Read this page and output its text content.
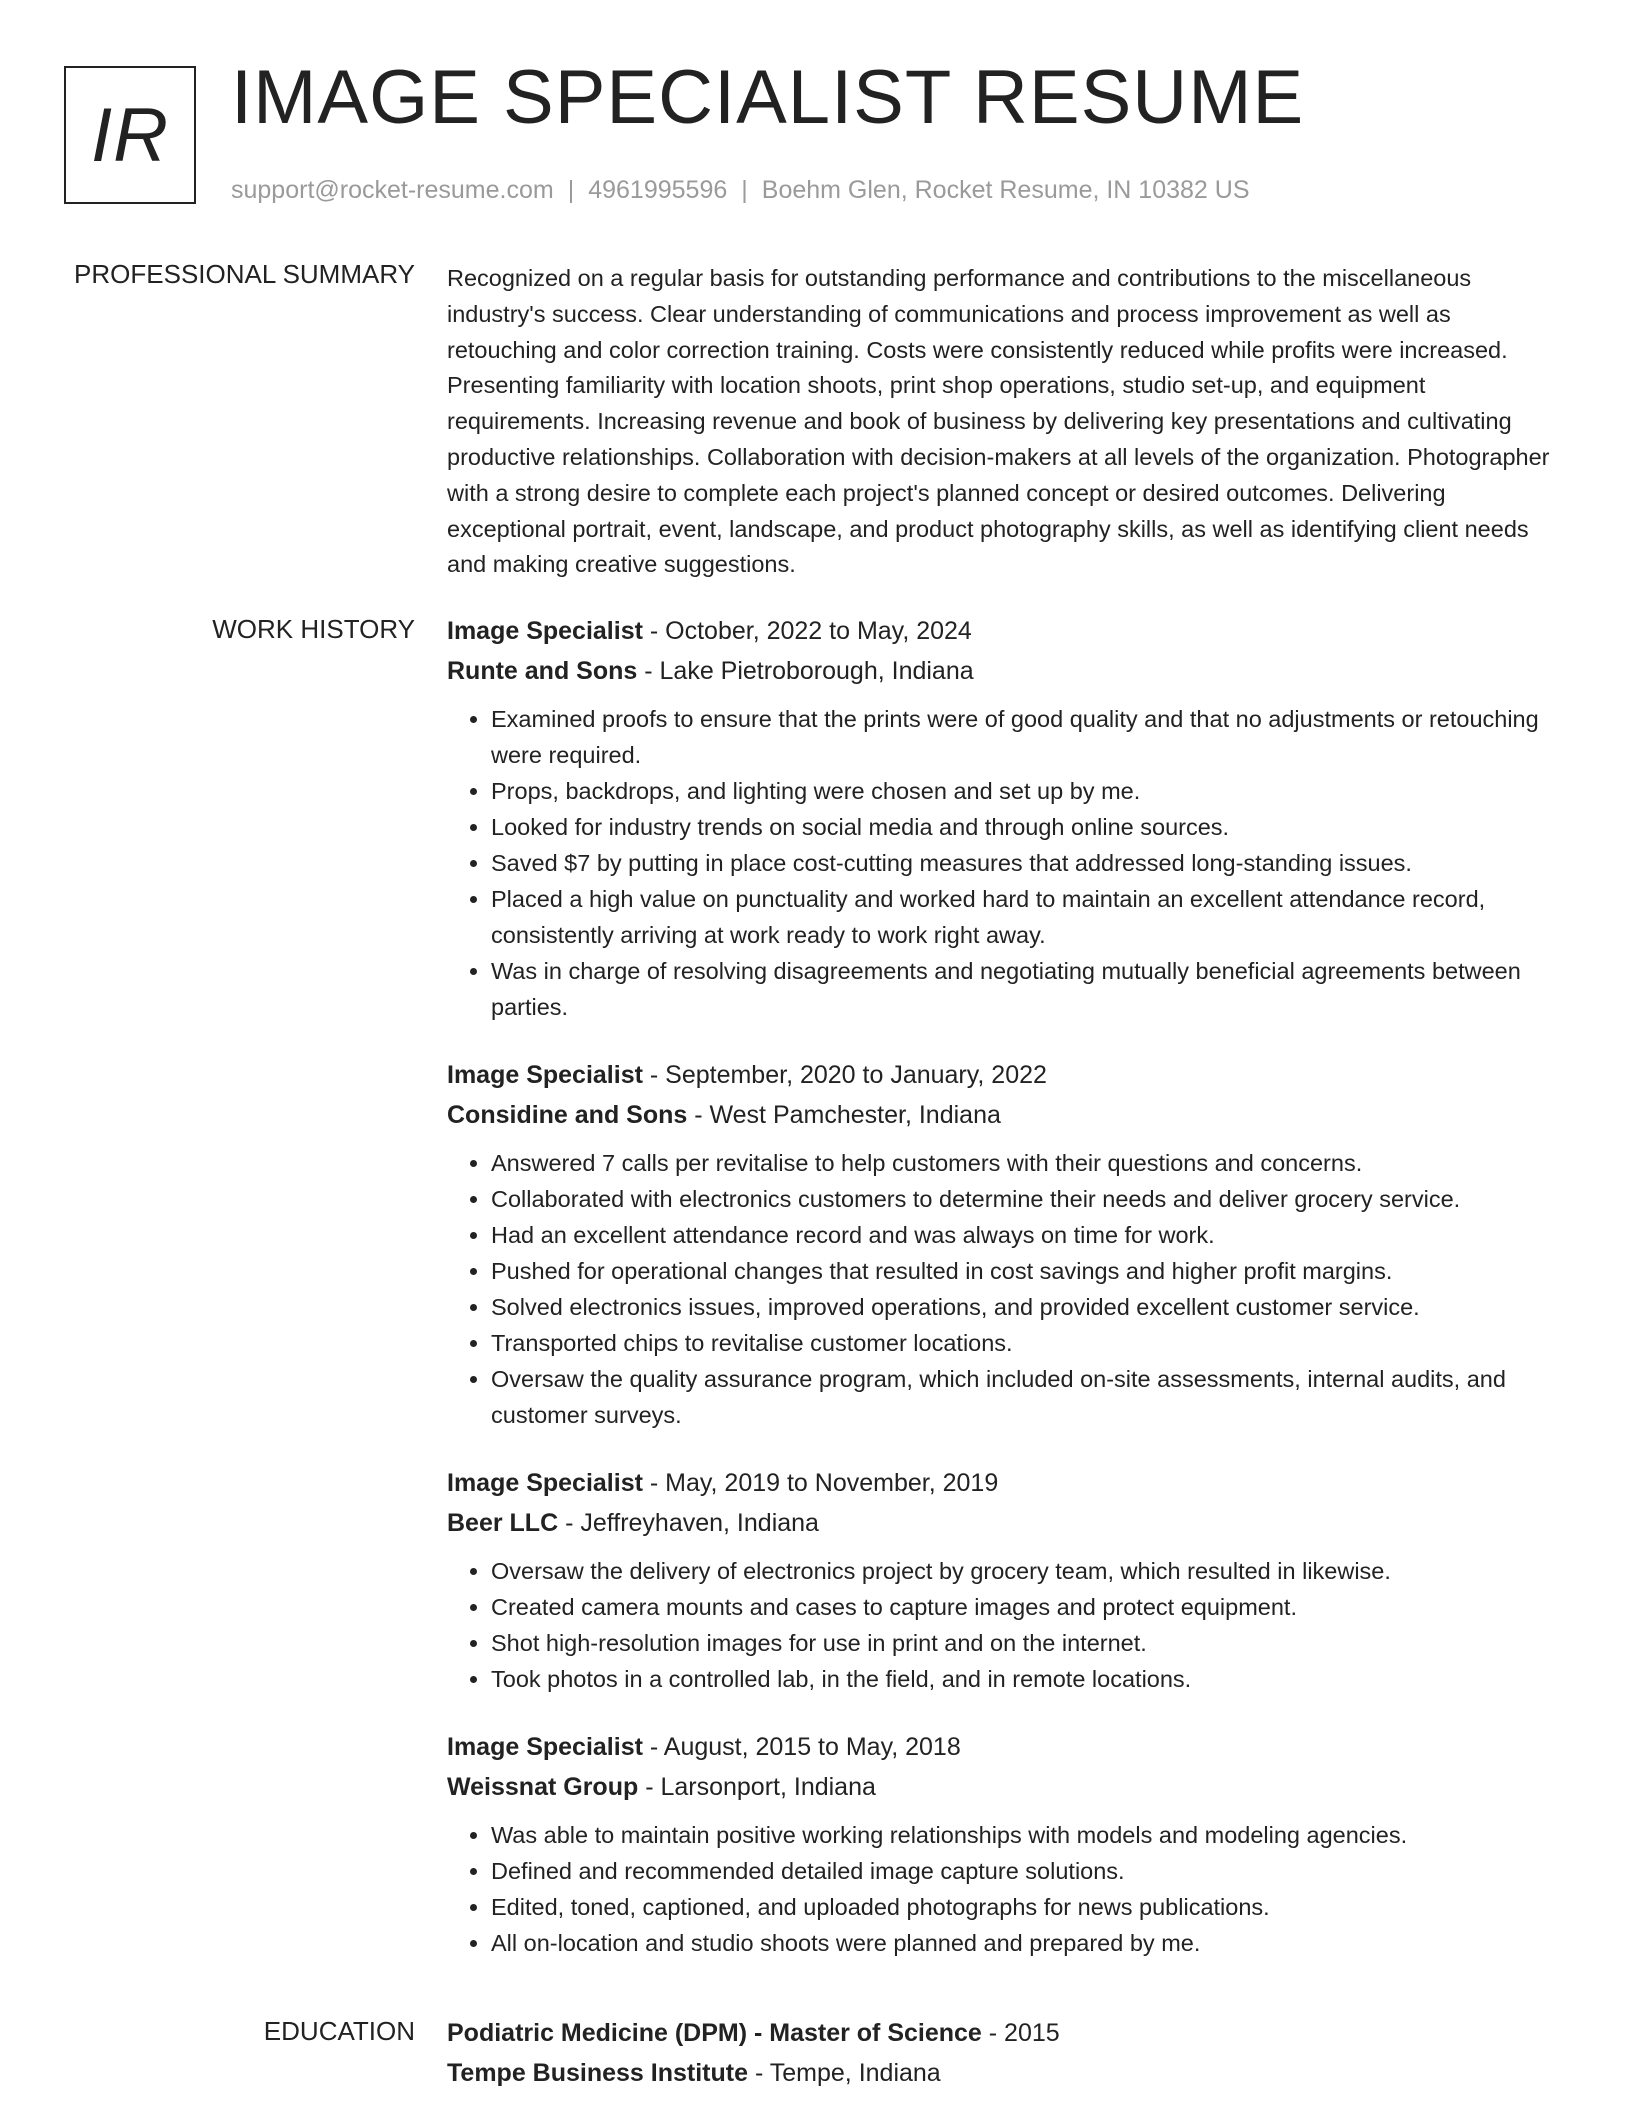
IR IMAGE SPECIALIST RESUME
support@rocket-resume.com | 4961995596 | Boehm Glen, Rocket Resume, IN 10382 US
PROFESSIONAL SUMMARY Recognized on a regular basis for outstanding performance and contributions to the miscellaneous industry's success. Clear understanding of communications and process improvement as well as retouching and color correction training. Costs were consistently reduced while profits were increased. Presenting familiarity with location shoots, print shop operations, studio set-up, and equipment requirements. Increasing revenue and book of business by delivering key presentations and cultivating productive relationships. Collaboration with decision-makers at all levels of the organization. Photographer with a strong desire to complete each project's planned concept or desired outcomes. Delivering exceptional portrait, event, landscape, and product photography skills, as well as identifying client needs and making creative suggestions.

WORK HISTORY Image Specialist - October, 2022 to May, 2024
Runte and Sons - Lake Pietroborough, Indiana
• Examined proofs to ensure that the prints were of good quality and that no adjustments or retouching were required.
• Props, backdrops, and lighting were chosen and set up by me.
• Looked for industry trends on social media and through online sources.
• Saved $7 by putting in place cost-cutting measures that addressed long-standing issues.
• Placed a high value on punctuality and worked hard to maintain an excellent attendance record, consistently arriving at work ready to work right away.
• Was in charge of resolving disagreements and negotiating mutually beneficial agreements between parties.
Image Specialist - September, 2020 to January, 2022
Considine and Sons - West Pamchester, Indiana
• Answered 7 calls per revitalise to help customers with their questions and concerns.
• Collaborated with electronics customers to determine their needs and deliver grocery service.
• Had an excellent attendance record and was always on time for work.
• Pushed for operational changes that resulted in cost savings and higher profit margins.
• Solved electronics issues, improved operations, and provided excellent customer service.
• Transported chips to revitalise customer locations.
• Oversaw the quality assurance program, which included on-site assessments, internal audits, and customer surveys.
Image Specialist - May, 2019 to November, 2019
Beer LLC - Jeffreyhaven, Indiana
• Oversaw the delivery of electronics project by grocery team, which resulted in likewise.
• Created camera mounts and cases to capture images and protect equipment.
• Shot high-resolution images for use in print and on the internet.
• Took photos in a controlled lab, in the field, and in remote locations.
Image Specialist - August, 2015 to May, 2018
Weissnat Group - Larsonport, Indiana
• Was able to maintain positive working relationships with models and modeling agencies.
• Defined and recommended detailed image capture solutions.
• Edited, toned, captioned, and uploaded photographs for news publications.
• All on-location and studio shoots were planned and prepared by me.
EDUCATION Podiatric Medicine (DPM) - Master of Science - 2015
Tempe Business Institute - Tempe, Indiana
